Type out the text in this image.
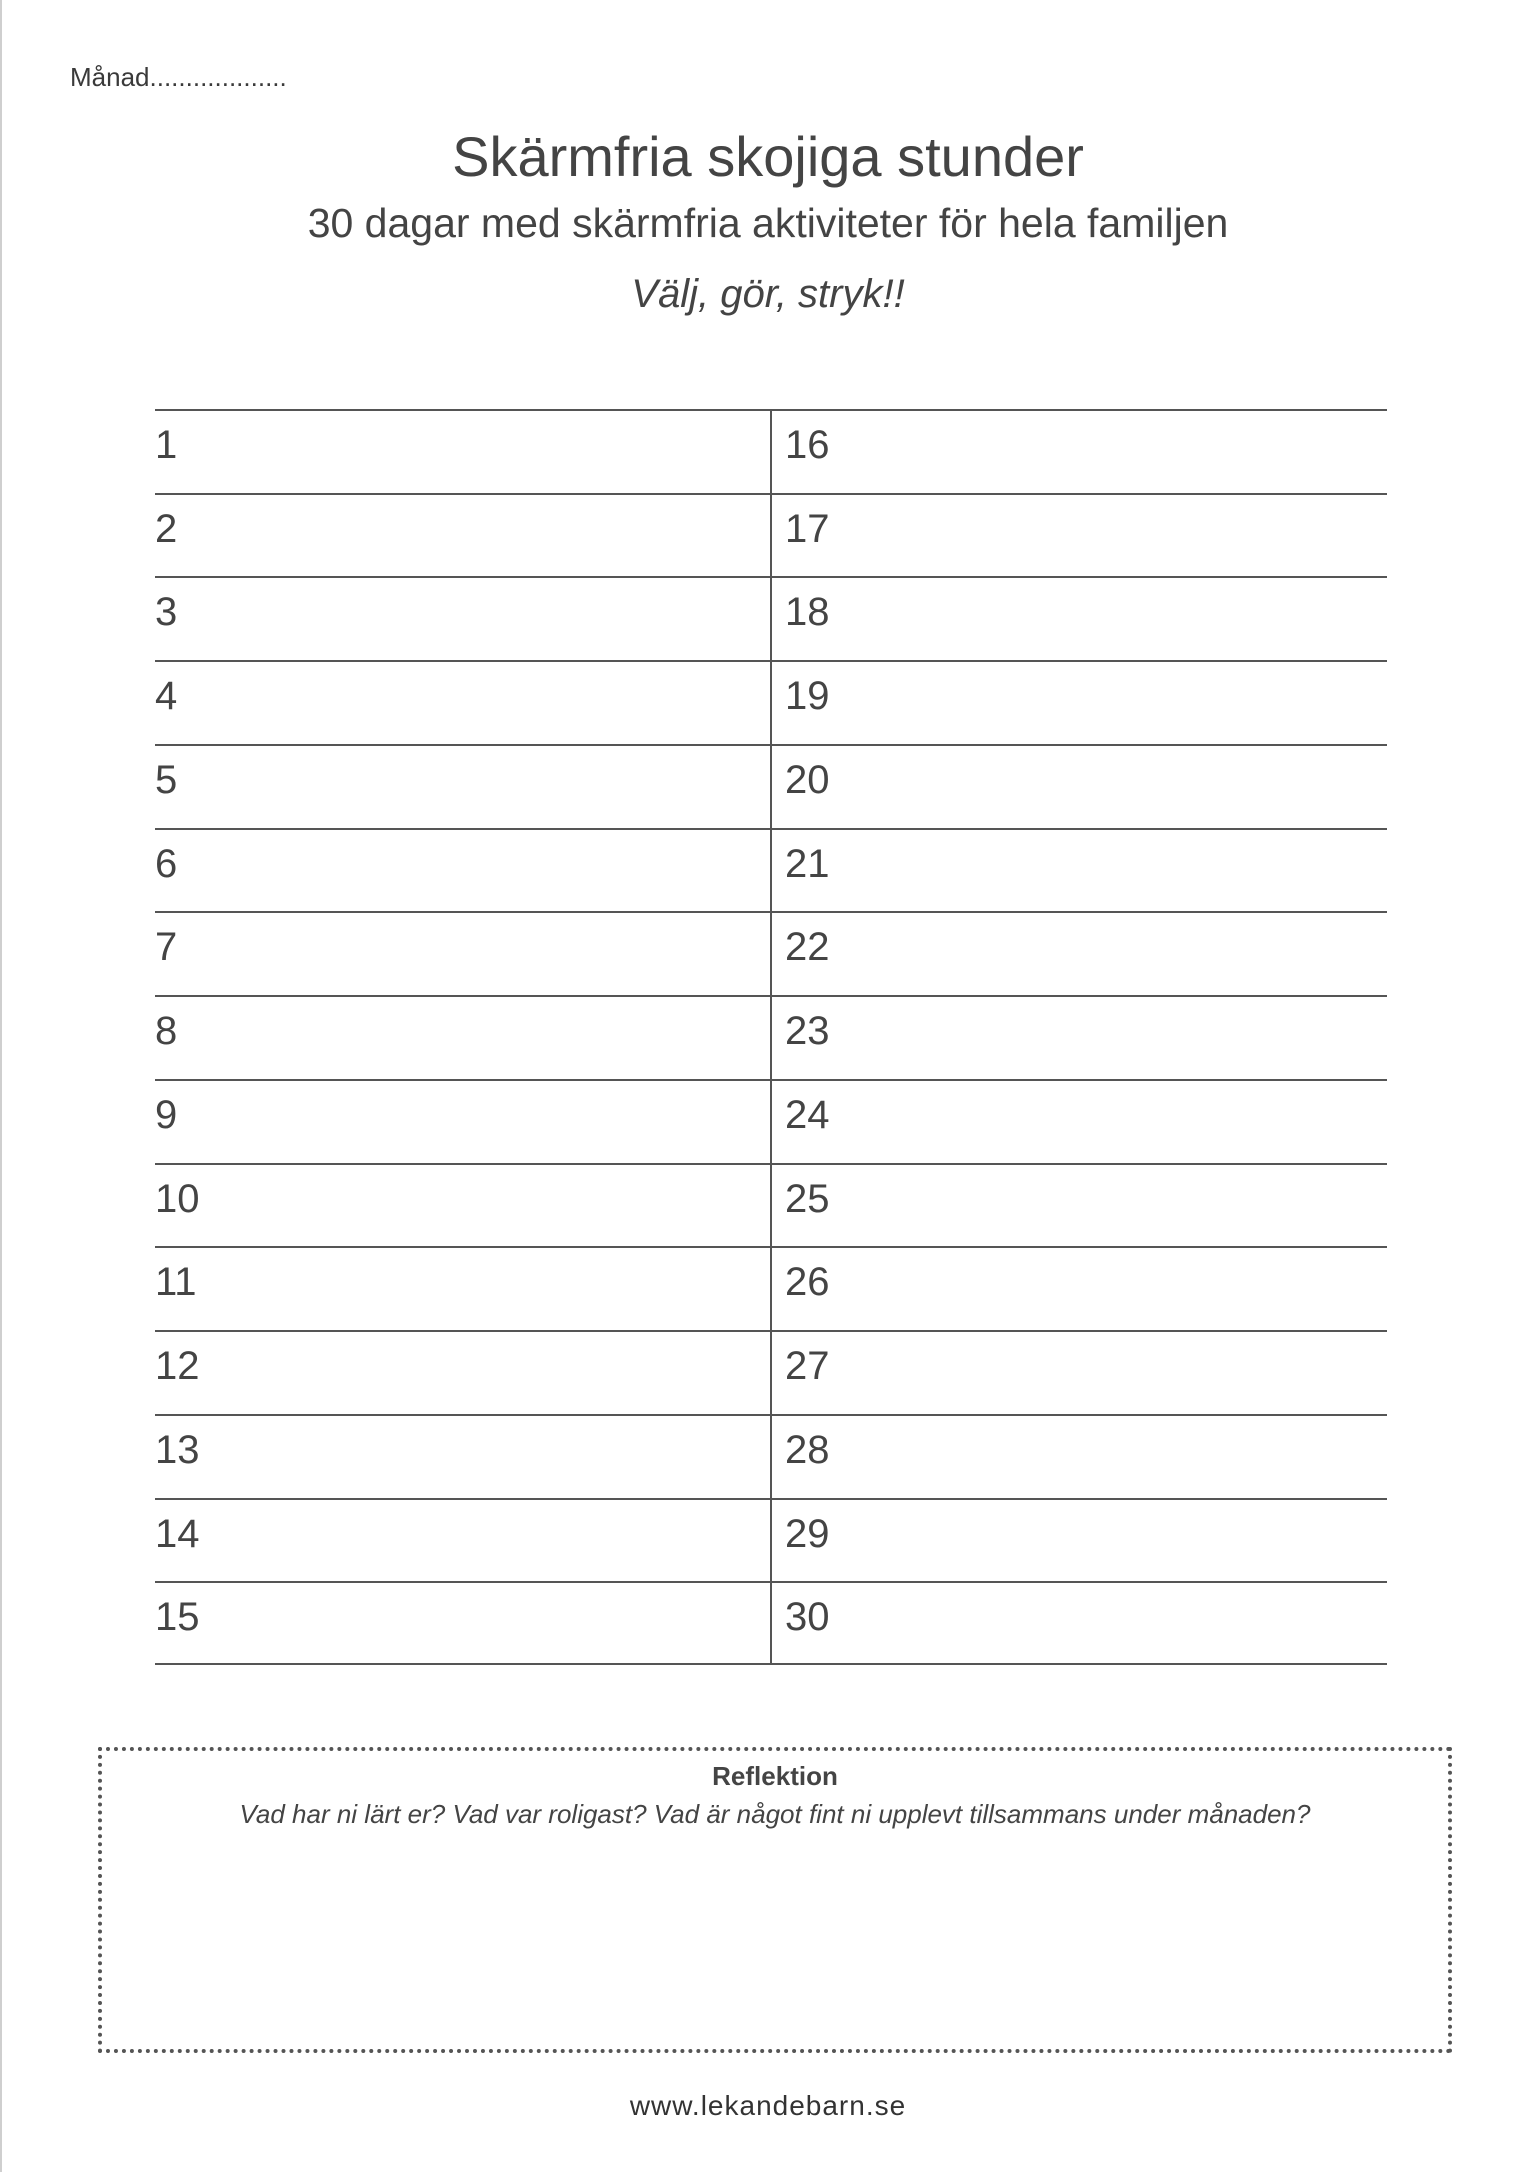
Månad...................
Skärmfria skojiga stunder
30 dagar med skärmfria aktiviteter för hela familjen
Välj, gör, stryk!!
1
2
3
4
5
6
7
8
9
10
11
12
13
14
15
16
17
18
19
20
21
22
23
24
25
26
27
28
29
30
Reflektion
Vad har ni lärt er? Vad var roligast? Vad är något fint ni upplevt tillsammans under månaden?
www.lekandebarn.se
